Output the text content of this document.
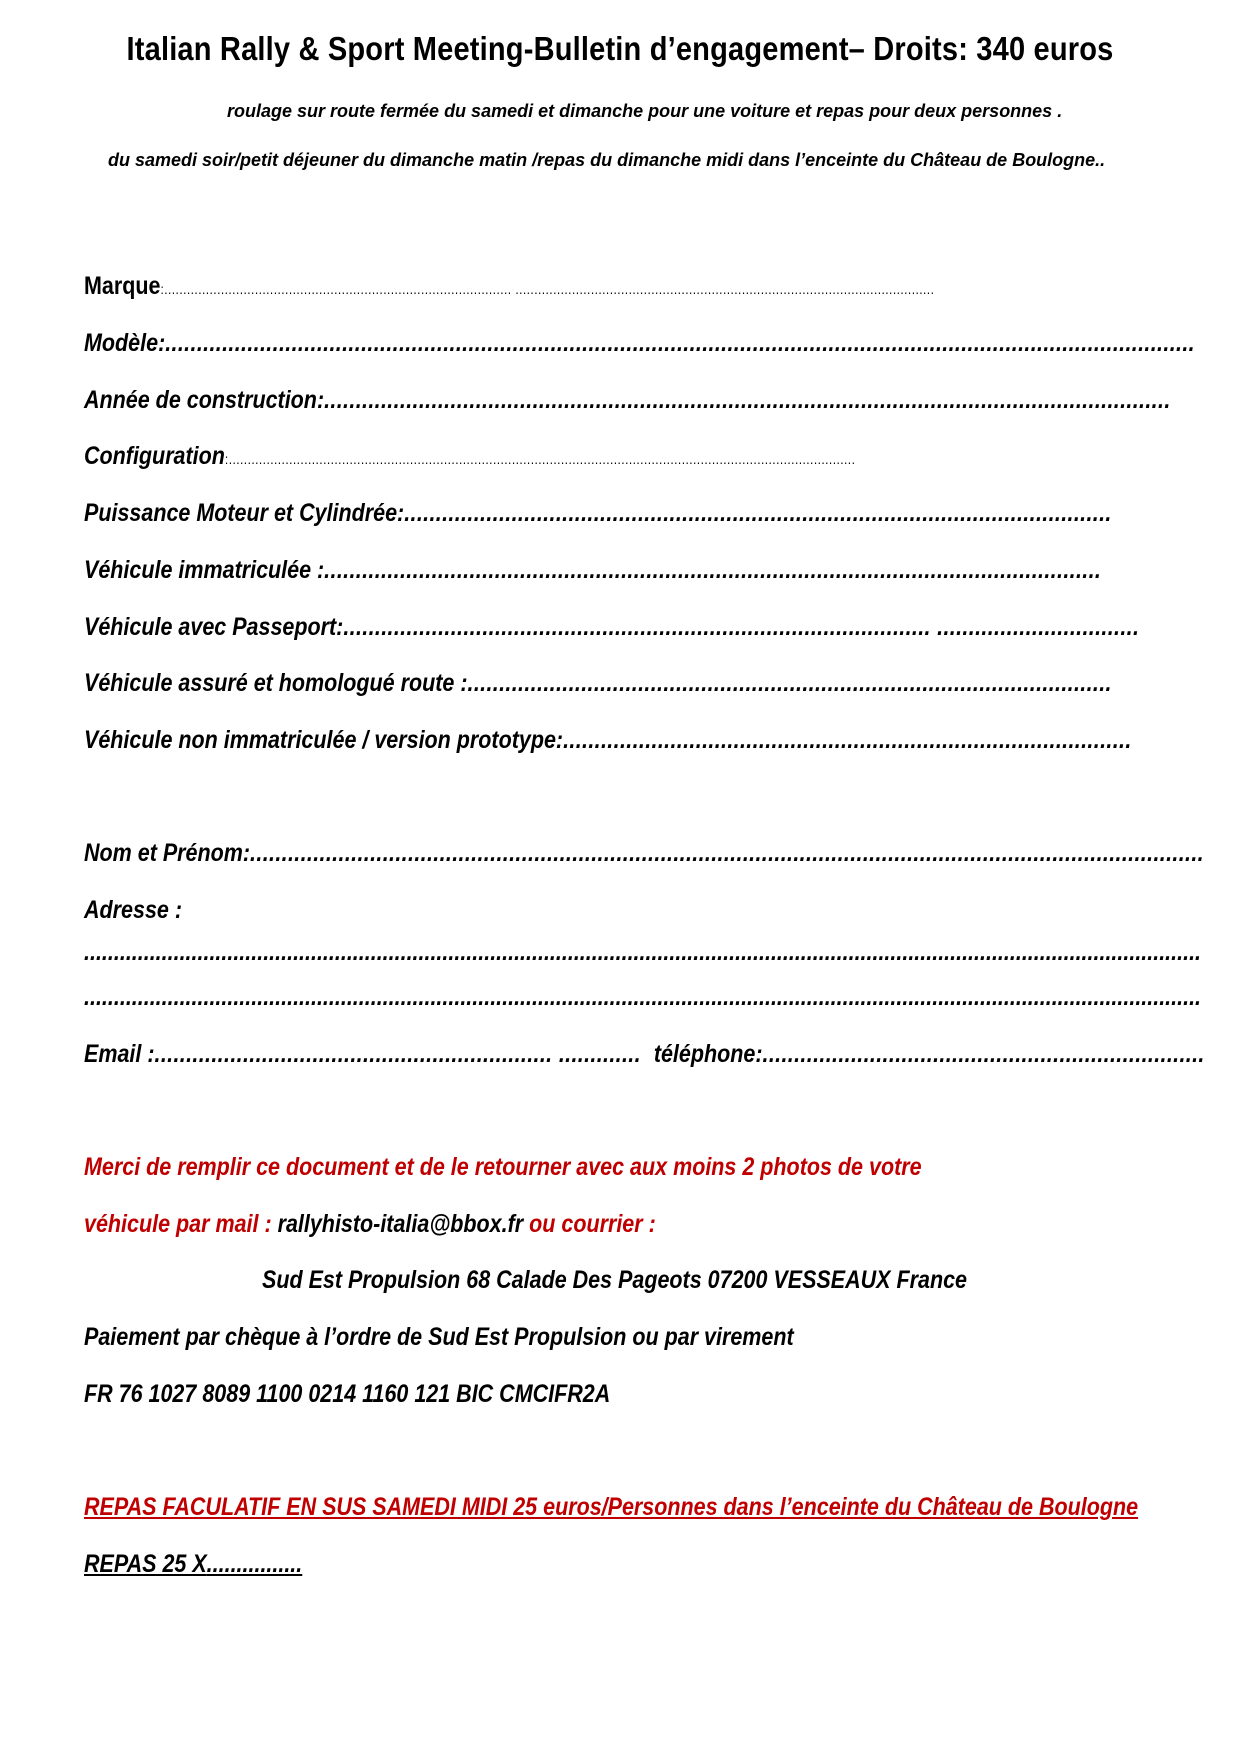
Italian Rally & Sport Meeting-Bulletin d’engagement– Droits: 340 euros
roulage sur route fermée du samedi et dimanche pour une voiture et repas pour deux personnes .
du samedi soir/petit déjeuner du dimanche matin /repas du dimanche midi dans l’enceinte du Château de Boulogne..
Marque:............................................................................................ ...............................................................................................................
Modèle:...................................................................................................................................................................
Année de construction:......................................................................................................................................
Configuration:......................................................................................................................................................................
Puissance Moteur et Cylindrée:................................................................................................................
Véhicule immatriculée :...........................................................................................................................
Véhicule avec Passeport:............................................................................................. ................................
Véhicule assuré et homologué route :......................................................................................................
Véhicule non immatriculée / version prototype:..........................................................................................
Nom et Prénom:.......................................................................................................................................................
Adresse :
...........................................................................................................................................................................................
...........................................................................................................................................................................................
Email :............................................................... ............. téléphone:......................................................................
Merci de remplir ce document et de le retourner avec aux moins 2 photos de votre
véhicule par mail : rallyhisto-italia@bbox.fr ou courrier :
Sud Est Propulsion 68 Calade Des Pageots 07200 VESSEAUX France
Paiement par chèque à l’ordre de Sud Est Propulsion ou par virement
FR 76 1027 8089 1100 0214 1160 121 BIC CMCIFR2A
REPAS FACULATIF EN SUS SAMEDI MIDI 25 euros/Personnes dans l’enceinte du Château de Boulogne
REPAS 25 X................
